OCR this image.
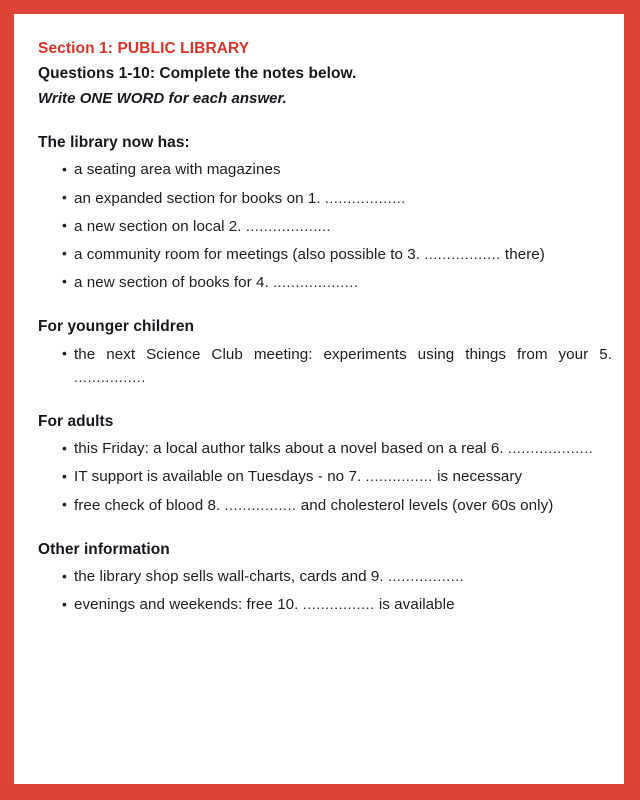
Section 1: PUBLIC LIBRARY
Questions 1-10: Complete the notes below.
Write ONE WORD for each answer.
The library now has:
• a seating area with magazines
• an expanded section for books on 1. ..................
• a new section on local 2. ...................
• a community room for meetings (also possible to 3. ................. there)
• a new section of books for 4. ...................
For younger children
• the next Science Club meeting: experiments using things from your 5. ................
For adults
• this Friday: a local author talks about a novel based on a real 6. ...................
• IT support is available on Tuesdays - no 7. ............... is necessary
• free check of blood 8. ................ and cholesterol levels (over 60s only)
Other information
• the library shop sells wall-charts, cards and 9. .................
• evenings and weekends: free 10. ................ is available
